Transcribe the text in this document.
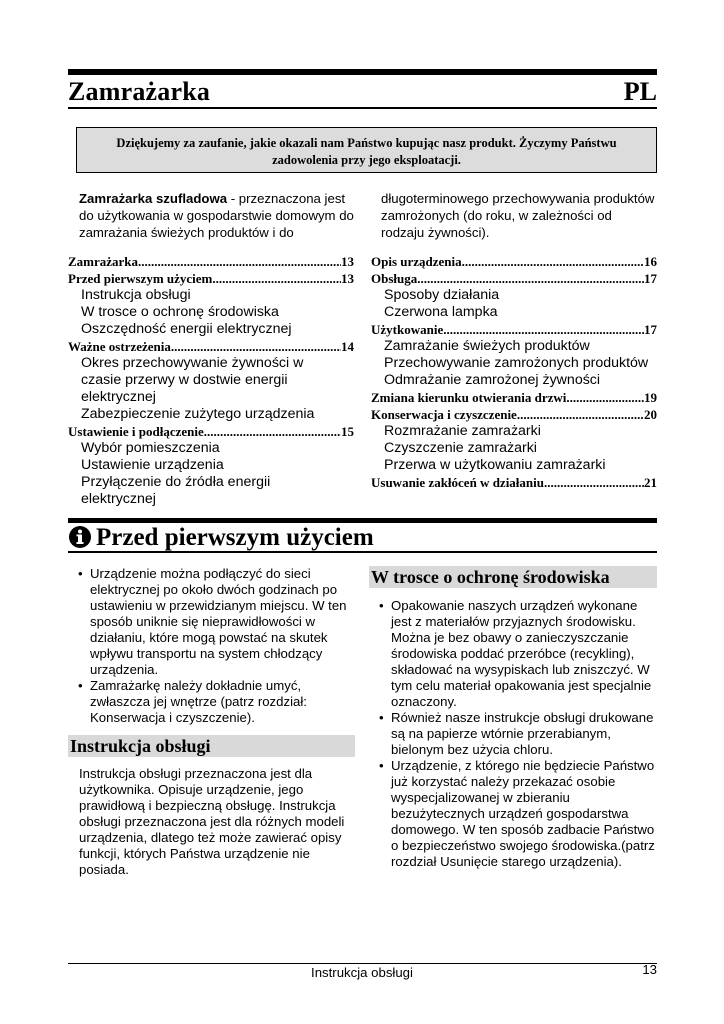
Zamrażarka	PL
Dziękujemy za zaufanie, jakie okazali nam Państwo kupując nasz produkt. Życzymy Państwu zadowolenia przy jego eksploatacji.
Zamrażarka szufladowa - przeznaczona jest do użytkowania w gospodarstwie domowym do zamrażania świeżych produktów i do
długoterminowego przechowywania produktów zamrożonych (do roku, w zależności od rodzaju żywności).
Zamrażarka .....	13
Przed pierwszym użyciem .....	13
Instrukcja obsługi
W trosce o ochronę środowiska
Oszczędność energii elektrycznej
Ważne ostrzeżenia .....	14
Okres przechowywanie żywności w
czasie przerwy w dostwie energii
elektrycznej
Zabezpieczenie zużytego urządzenia
Ustawienie i podłączenie .....	15
Wybór pomieszczenia
Ustawienie urządzenia
Przyłączenie do źródła energii
elektrycznej
Opis urządzenia .....	16
Obsługa .....	17
Sposoby działania
Czerwona lampka
Użytkowanie .....	17
Zamrażanie świeżych produktów
Przechowywanie zamrożonych produktów
Odmrażanie zamrożonej żywności
Zmiana kierunku otwierania drzwi .....	19
Konserwacja i czyszczenie .....	20
Rozmrażanie zamrażarki
Czyszczenie zamrażarki
Przerwa w użytkowaniu zamrażarki
Usuwanie zakłóceń w działaniu .....	21
Przed pierwszym użyciem
• Urządzenie można podłączyć do sieci elektrycznej po około dwóch godzinach po ustawieniu w przewidzianym miejscu. W ten sposób uniknie się nieprawidłowości w działaniu, które mogą powstać na skutek wpływu transportu na system chłodzący urządzenia.
• Zamrażarkę należy dokładnie umyć, zwłaszcza jej wnętrze (patrz rozdział: Konserwacja i czyszczenie).
Instrukcja obsługi
Instrukcja obsługi przeznaczona jest dla użytkownika. Opisuje urządzenie, jego prawidłową i bezpieczną obsługę. Instrukcja obsługi przeznaczona jest dla różnych modeli urządzenia, dlatego też może zawierać opisy funkcji, których Państwa urządzenie nie posiada.
W trosce o ochronę środowiska
• Opakowanie naszych urządzeń wykonane jest z materiałów przyjaznych środowisku. Można je bez obawy o zanieczyszczanie środowiska poddać przeróbce (recykling), składować na wysypiskach lub zniszczyć. W tym celu materiał opakowania jest specjalnie oznaczony.
• Również nasze instrukcje obsługi drukowane są na papierze wtórnie przerabianym, bielonym bez użycia chloru.
• Urządzenie, z którego nie będziecie Państwo już korzystać należy przekazać osobie wyspecjalizowanej w zbieraniu bezużytecznych urządzeń gospodarstwa domowego. W ten sposób zadbacie Państwo o bezpieczeństwo swojego środowiska.(patrz rozdział Usunięcie starego urządzenia).
Instrukcja obsługi	13
